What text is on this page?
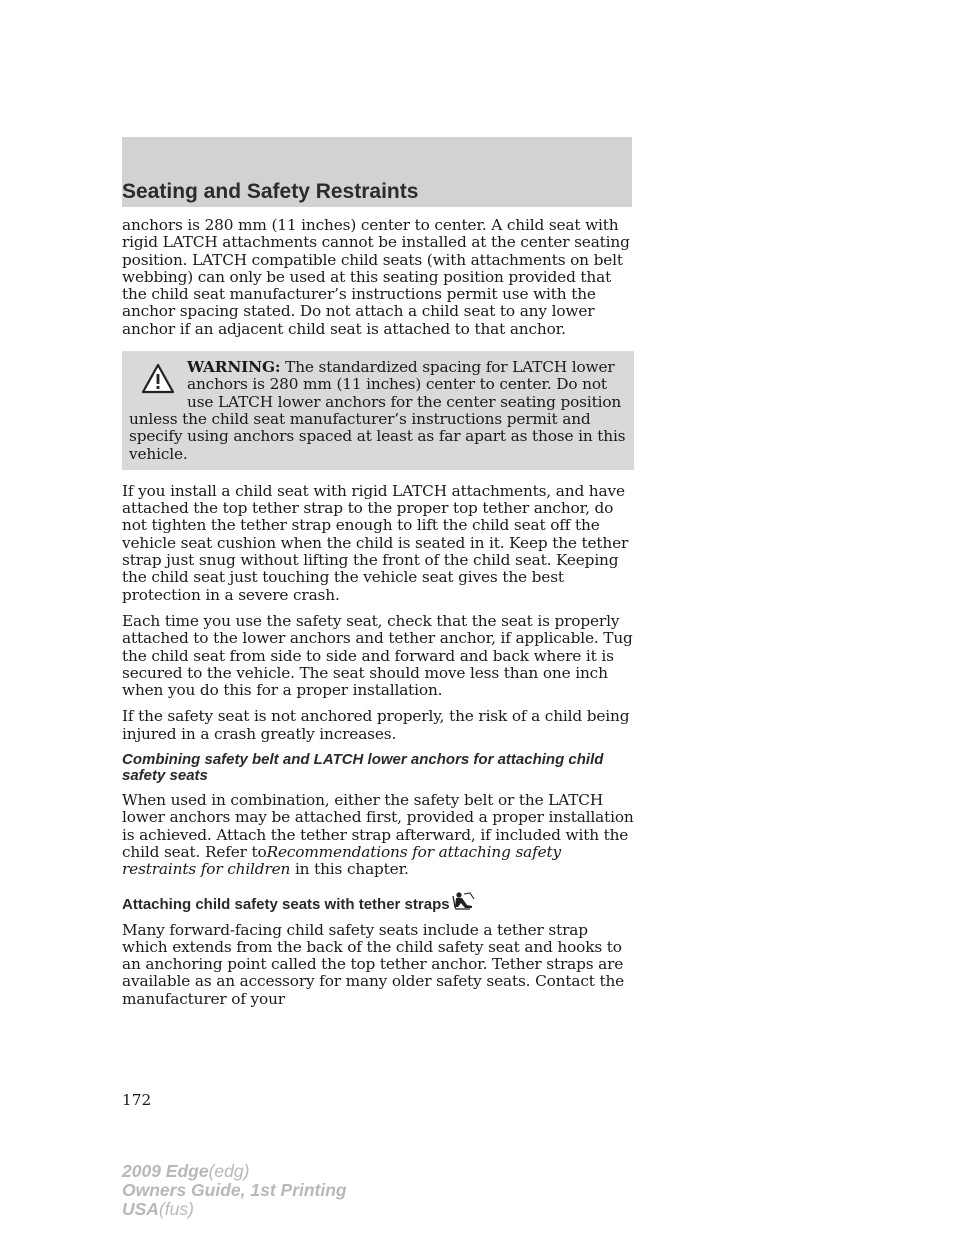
Seating and Safety Restraints

anchors is 280 mm (11 inches) center to center. A child seat with rigid LATCH attachments cannot be installed at the center seating position. LATCH compatible child seats (with attachments on belt webbing) can only be used at this seating position provided that the child seat manufacturer’s instructions permit use with the anchor spacing stated. Do not attach a child seat to any lower anchor if an adjacent child seat is attached to that anchor.

WARNING: The standardized spacing for LATCH lower anchors is 280 mm (11 inches) center to center. Do not use LATCH lower anchors for the center seating position unless the child seat manufacturer’s instructions permit and specify using anchors spaced at least as far apart as those in this vehicle.

If you install a child seat with rigid LATCH attachments, and have attached the top tether strap to the proper top tether anchor, do not tighten the tether strap enough to lift the child seat off the vehicle seat cushion when the child is seated in it. Keep the tether strap just snug without lifting the front of the child seat. Keeping the child seat just touching the vehicle seat gives the best protection in a severe crash.

Each time you use the safety seat, check that the seat is properly attached to the lower anchors and tether anchor, if applicable. Tug the child seat from side to side and forward and back where it is secured to the vehicle. The seat should move less than one inch when you do this for a proper installation.

If the safety seat is not anchored properly, the risk of a child being injured in a crash greatly increases.

Combining safety belt and LATCH lower anchors for attaching child safety seats

When used in combination, either the safety belt or the LATCH lower anchors may be attached first, provided a proper installation is achieved. Attach the tether strap afterward, if included with the child seat. Refer toRecommendations for attaching safety restraints for children in this chapter.

Attaching child safety seats with tether straps

Many forward-facing child safety seats include a tether strap which extends from the back of the child safety seat and hooks to an anchoring point called the top tether anchor. Tether straps are available as an accessory for many older safety seats. Contact the manufacturer of your

172
2009 Edge(edg)
Owners Guide, 1st Printing
USA(fus)
